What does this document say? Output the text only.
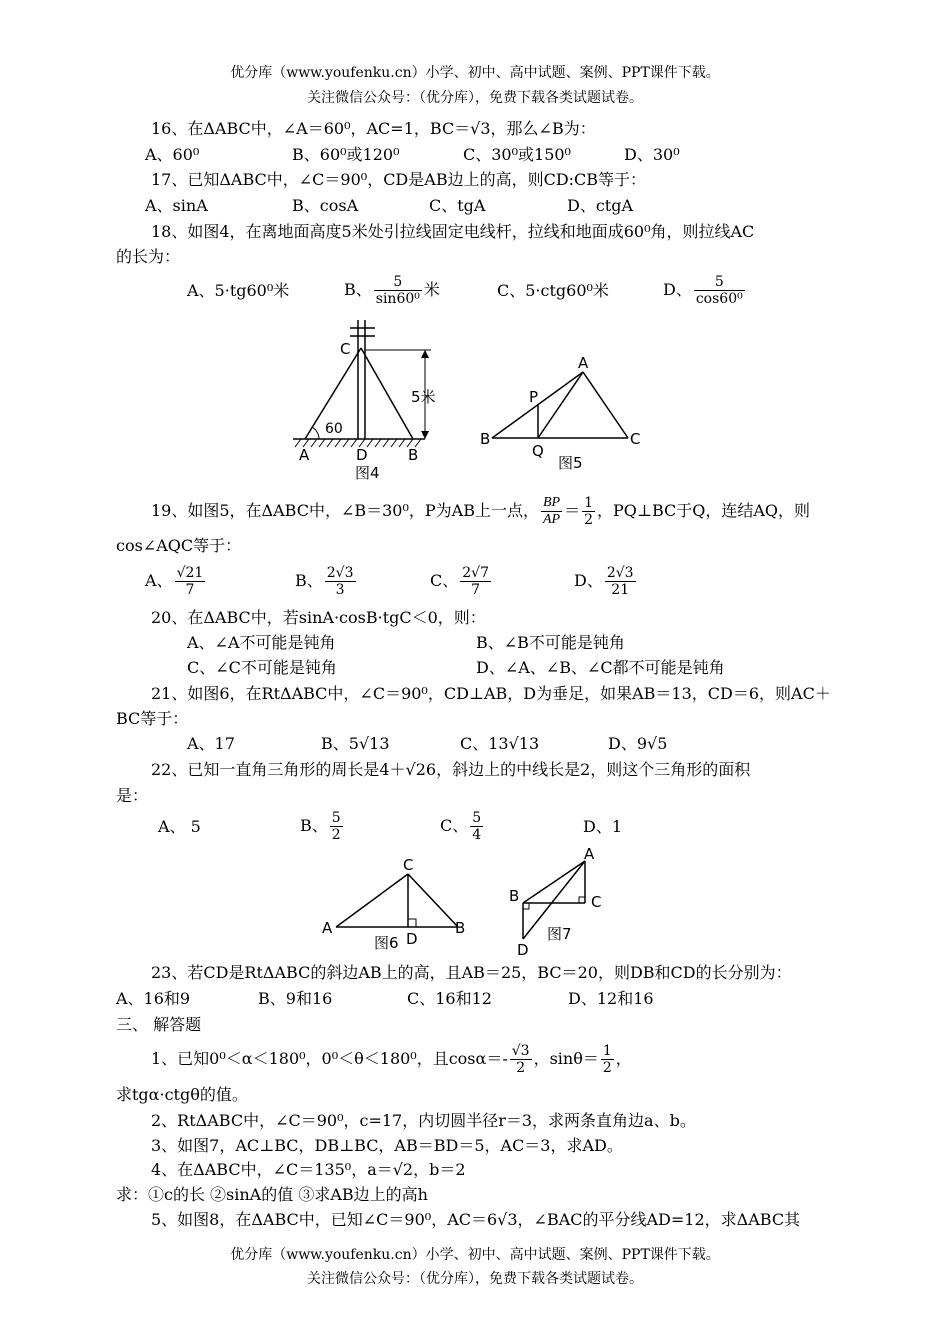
优分库（www.youfenku.cn）小学、初中、高中试题、案例、PPT课件下载。
关注微信公众号：（优分库），免费下载各类试题试卷。
16、在ΔABC中，∠A＝60⁰，AC=1，BC＝√3，那么∠B为：
A、60⁰	B、60⁰或120⁰	C、30⁰或150⁰	D、30⁰
17、已知ΔABC中，∠C＝90⁰，CD是AB边上的高，则CD:CB等于：
A、sinA	B、cosA	C、tgA	D、ctgA
18、如图4，在离地面高度5米处引拉线固定电线杆，拉线和地面成60⁰角，则拉线AC
的长为：
A、5·tg60⁰米	B、 $\frac{5}{\text{sin60⁰}}$ 米	C、5·ctg60⁰米	D、 $\frac{5}{\text{cos60⁰}}$
C
60
5米
A	D	B
图4
A
P
B	C
Q
图5
19、如图5，在ΔABC中，∠B＝30⁰，P为AB上一点， $\frac{BP}{AP} = \frac{1}{2}$ ，PQ⊥BC于Q，连结AQ，则
cos∠AQC等于：
A、 $\frac{√21}{7}$	B、 $\frac{2√3}{3}$	C、 $\frac{2√7}{7}$	D、 $\frac{2√3}{21}$
20、在ΔABC中，若sinA·cosB·tgC＜0，则：
A、∠A不可能是钝角	B、∠B不可能是钝角
C、∠C不可能是钝角	D、∠A、∠B、∠C都不可能是钝角
21、如图6，在RtΔABC中，∠C＝90⁰，CD⊥AB，D为垂足，如果AB＝13，CD＝6，则AC＋
BC等于：
A、17	B、5√13	C、13√13	D、9√5
22、已知一直角三角形的周长是4＋√26，斜边上的中线长是2，则这个三角形的面积
是：
A、 5	B、 $\frac{5}{2}$	C、 $\frac{5}{4}$	D、1
C
A	B
D
图6
A
B	C
D
图7
23、若CD是RtΔABC的斜边AB上的高，且AB＝25，BC＝20，则DB和CD的长分别为：
A、16和9	B、9和16	C、16和12	D、12和16
三、 解答题
1、已知0⁰＜α＜180⁰，0⁰＜θ＜180⁰，且$\cos\alpha=- \frac{√3}{2}$ ，$\sin\theta= \frac{1}{2}$ ，
求tgα·ctgθ的值。
2、RtΔABC中，∠C＝90⁰，c=17，内切圆半径r＝3，求两条直角边a、b。
3、如图7，AC⊥BC，DB⊥BC，AB＝BD＝5，AC＝3，求AD。
4、在ΔABC中，∠C＝135⁰，a＝√2，b＝2
求：①c的长 ②sinA的值 ③求AB边上的高h
5、如图8，在ΔABC中，已知∠C＝90⁰，AC＝6√3，∠BAC的平分线AD=12，求ΔABC其
优分库（www.youfenku.cn）小学、初中、高中试题、案例、PPT课件下载。
关注微信公众号：（优分库），免费下载各类试题试卷。
